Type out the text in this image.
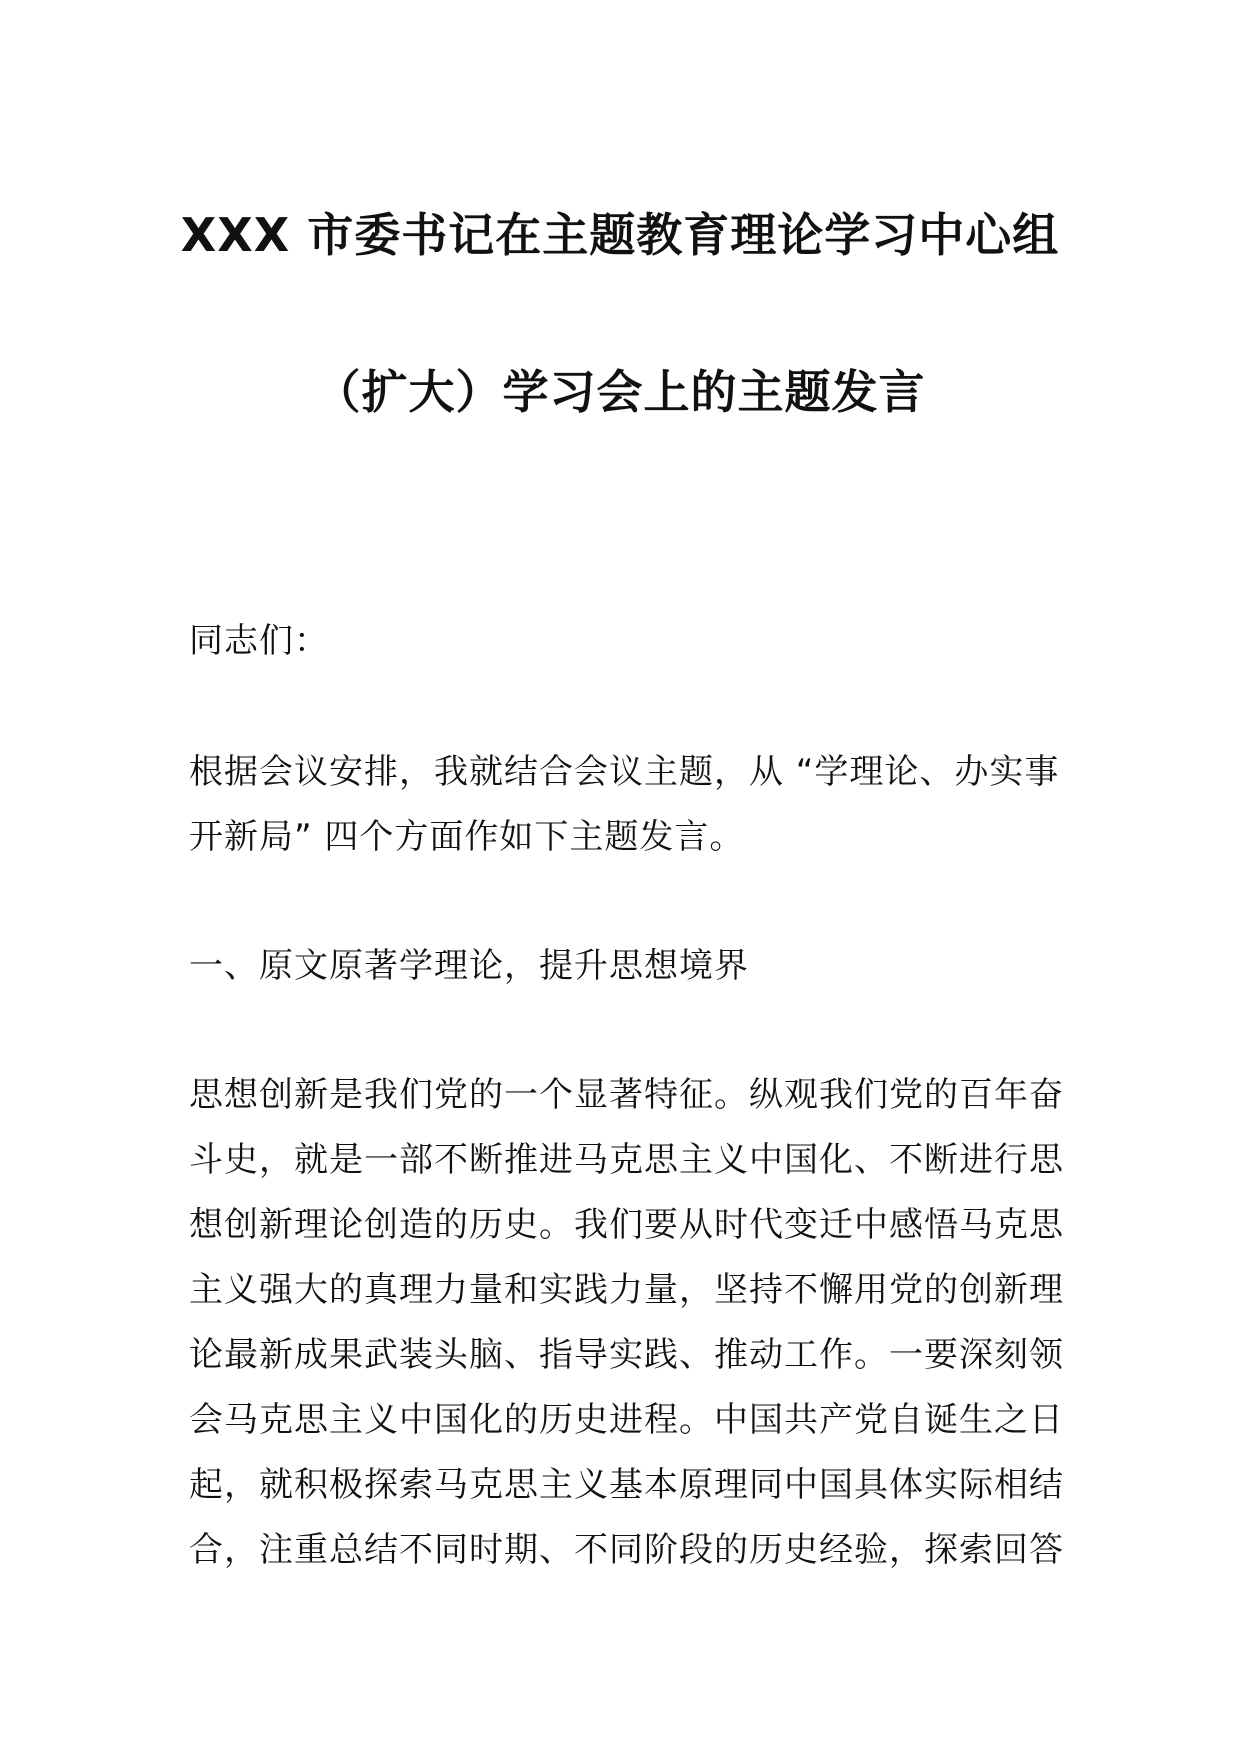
XXX 市委书记在主题教育理论学习中心组
（扩大）学习会上的主题发言
同志们：
根据会议安排，我就结合会议主题，从 “学理论、办实事
开新局” 四个方面作如下主题发言。
一、原文原著学理论，提升思想境界
思想创新是我们党的一个显著特征。纵观我们党的百年奋
斗史，就是一部不断推进马克思主义中国化、不断进行思
想创新理论创造的历史。我们要从时代变迁中感悟马克思
主义强大的真理力量和实践力量，坚持不懈用党的创新理
论最新成果武装头脑、指导实践、推动工作。一要深刻领
会马克思主义中国化的历史进程。中国共产党自诞生之日
起，就积极探索马克思主义基本原理同中国具体实际相结
合，注重总结不同时期、不同阶段的历史经验，探索回答
